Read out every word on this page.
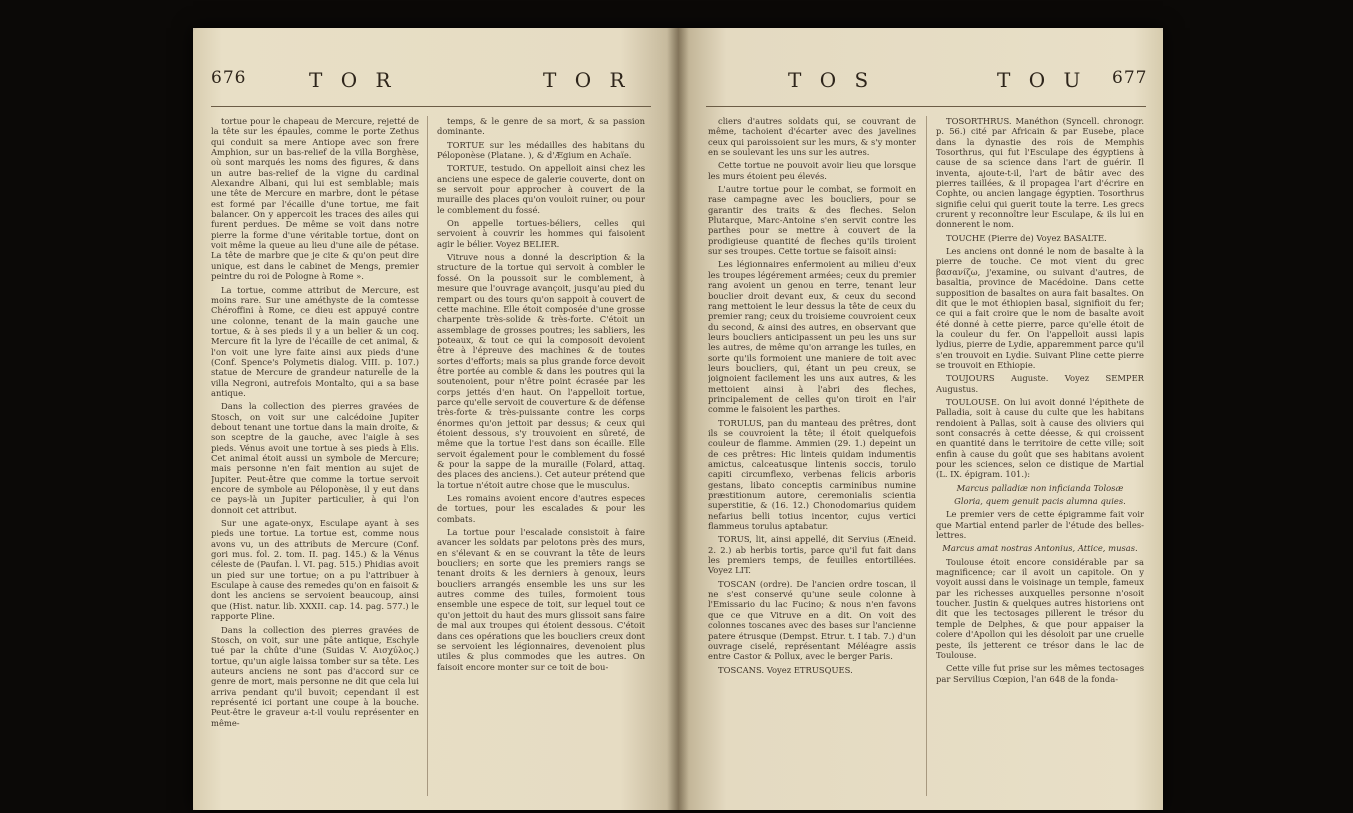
676	T O R	T O R

tortue pour le chapeau de Mercure, rejetté de la tête sur les épaules, comme le porte Zethus qui conduit sa mere Antiope avec son frere Amphion, sur un bas-relief de la villa Borghèse, où sont marqués les noms des figures, & dans un autre bas-relief de la vigne du cardinal Alexandre Albani, qui lui est semblable; mais une tête de Mercure en marbre, dont le pétase est formé par l'écaille d'une tortue, me fait balancer. On y appercoit les traces des ailes qui furent perdues. De même se voit dans notre pierre la forme d'une véritable tortue, dont on voit même la queue au lieu d'une aile de pétase. La tête de marbre que je cite & qu'on peut dire unique, est dans le cabinet de Mengs, premier peintre du roi de Pologne à Rome ».

La tortue, comme attribut de Mercure, est moins rare. Sur une améthyste de la comtesse Chéroffini à Rome, ce dieu est appuyé contre une colonne, tenant de la main gauche une tortue, & à ses pieds il y a un belier & un coq. Mercure fit la lyre de l'écaille de cet animal, & l'on voit une lyre faite ainsi aux pieds d'une (Conf. Spence's Polymetis dialog. VIII. p. 107.) statue de Mercure de grandeur naturelle de la villa Negroni, autrefois Montalto, qui a sa base antique.

Dans la collection des pierres gravées de Stosch, on voit sur une calcédoine Jupiter debout tenant une tortue dans la main droite, & son sceptre de la gauche, avec l'aigle à ses pieds. Vénus avoit une tortue à ses pieds à Elis. Cet animal étoit aussi un symbole de Mercure; mais personne n'en fait mention au sujet de Jupiter. Peut-être que comme la tortue servoit encore de symbole au Péloponèse, il y eut dans ce pays-là un Jupiter particulier, à qui l'on donnoit cet attribut.

Sur une agate-onyx, Esculape ayant à ses pieds une tortue. La tortue est, comme nous avons vu, un des attributs de Mercure (Conf. gori mus. fol. 2. tom. II. pag. 145.) & la Vénus céleste de (Paufan. l. VI. pag. 515.) Phidias avoit un pied sur une tortue; on a pu l'attribuer à Esculape à cause des remedes qu'on en faisoit & dont les anciens se servoient beaucoup, ainsi que (Hist. natur. lib. XXXII. cap. 14. pag. 577.) le rapporte Pline.

Dans la collection des pierres gravées de Stosch, on voit, sur une pâte antique, Eschyle tué par la chûte d'une (Suidas V. Αισχύλος.) tortue, qu'un aigle laissa tomber sur sa tête. Les auteurs anciens ne sont pas d'accord sur ce genre de mort, mais personne ne dit que cela lui arriva pendant qu'il buvoit; cependant il est représenté ici portant une coupe à la bouche. Peut-être le graveur a-t-il voulu représenter en même-

temps, & le genre de sa mort, & sa passion dominante.

TORTUE sur les médailles des habitans du Péloponèse (Platane. ), & d'Ægium en Achaïe.

TORTUE, testudo. On appelloit ainsi chez les anciens une espece de galerie couverte, dont on se servoit pour approcher à couvert de la muraille des places qu'on vouloit ruiner, ou pour le comblement du fossé.

On appelle tortues-béliers, celles qui servoient à couvrir les hommes qui faisoient agir le bélier. Voyez BELIER.

Vitruve nous a donné la description & la structure de la tortue qui servoit à combler le fossé. On la poussoit sur le comblement, à mesure que l'ouvrage avançoit, jusqu'au pied du rempart ou des tours qu'on sappoit à couvert de cette machine. Elle étoit composée d'une grosse charpente très-solide & très-forte. C'étoit un assemblage de grosses poutres; les sabliers, les poteaux, & tout ce qui la composoit devoient être à l'épreuve des machines & de toutes sortes d'efforts; mais sa plus grande force devoit être portée au comble & dans les poutres qui la soutenoient, pour n'être point écrasée par les corps jettés d'en haut. On l'appelloit tortue, parce qu'elle servoit de couverture & de défense très-forte & très-puissante contre les corps énormes qu'on jettoit par dessus; & ceux qui étoient dessous, s'y trouvoient en sûreté, de même que la tortue l'est dans son écaille. Elle servoit également pour le comblement du fossé & pour la sappe de la muraille (Folard, attaq. des places des anciens.). Cet auteur prétend que la tortue n'étoit autre chose que le musculus.

Les romains avoient encore d'autres especes de tortues, pour les escalades & pour les combats.

La tortue pour l'escalade consistoit à faire avancer les soldats par pelotons près des murs, en s'élevant & en se couvrant la tête de leurs boucliers; en sorte que les premiers rangs se tenant droits & les derniers à genoux, leurs boucliers arrangés ensemble les uns sur les autres comme des tuiles, formoient tous ensemble une espece de toit, sur lequel tout ce qu'on jettoit du haut des murs glissoit sans faire de mal aux troupes qui étoient dessous. C'étoit dans ces opérations que les boucliers creux dont se servoient les légionnaires, devenoient plus utiles & plus commodes que les autres. On faisoit encore monter sur ce toit de bou-

T O S	T O U 677

cliers d'autres soldats qui, se couvrant de même, tachoient d'écarter avec des javelines ceux qui paroissoient sur les murs, & s'y monter en se soulevant les uns sur les autres.

Cette tortue ne pouvoit avoir lieu que lorsque les murs étoient peu élevés.

L'autre tortue pour le combat, se formoit en rase campagne avec les boucliers, pour se garantir des traits & des fleches. Selon Plutarque, Marc-Antoine s'en servit contre les parthes pour se mettre à couvert de la prodigieuse quantité de fleches qu'ils tiroient sur ses troupes. Cette tortue se faisoit ainsi:

Les légionnaires enfermoient au milieu d'eux les troupes légérement armées; ceux du premier rang avoient un genou en terre, tenant leur bouclier droit devant eux, & ceux du second rang mettoient le leur dessus la tête de ceux du premier rang; ceux du troisieme couvroient ceux du second, & ainsi des autres, en observant que leurs boucliers anticipassent un peu les uns sur les autres, de même qu'on arrange les tuiles, en sorte qu'ils formoient une maniere de toit avec leurs boucliers, qui, étant un peu creux, se joignoient facilement les uns aux autres, & les mettoient ainsi à l'abri des fleches, principalement de celles qu'on tiroit en l'air comme le faisoient les parthes.

TORULUS, pan du manteau des prêtres, dont ils se couvroient la tête; il étoit quelquefois couleur de flamme. Ammien (29. 1.) depeint un de ces prêtres: Hic linteis quidam indumentis amictus, calceatusque lintenis soccis, torulo capiti circumflexo, verbenas felicis arboris gestans, libato conceptis carminibus numine præstitionum autore, ceremonialis scientia superstitie, & (16. 12.) Chonodomarius quidem nefarius belli totius incentor, cujus vertici flammeus torulus aptabatur.

TORUS, lit, ainsi appellé, dit Servius (Æneid. 2. 2.) ab herbis tortis, parce qu'il fut fait dans les premiers temps, de feuilles entortillées. Voyez LIT.

TOSCAN (ordre). De l'ancien ordre toscan, il ne s'est conservé qu'une seule colonne à l'Emissario du lac Fucino; & nous n'en favons que ce que Vitruve en a dit. On voit des colonnes toscanes avec des bases sur l'ancienne patere étrusque (Dempst. Etrur. t. I tab. 7.) d'un ouvrage ciselé, représentant Méléagre assis entre Castor & Pollux, avec le berger Paris.

TOSCANS. Voyez ETRUSQUES.

TOSORTHRUS. Manéthon (Syncell. chronogr. p. 56.) cité par Africain & par Eusebe, place dans la dynastie des rois de Memphis Tosorthrus, qui fut l'Esculape des égyptiens à cause de sa science dans l'art de guérir. Il inventa, ajoute-t-il, l'art de bâtir avec des pierres taillées, & il propagea l'art d'écrire en Cophte, ou ancien langage égyptien. Tosorthrus signifie celui qui guerit toute la terre. Les grecs crurent y reconnoître leur Esculape, & ils lui en donnerent le nom.

TOUCHE (Pierre de) Voyez BASALTE.

Les anciens ont donné le nom de basalte à la pierre de touche. Ce mot vient du grec βασανίζω, j'examine, ou suivant d'autres, de basaltia, province de Macédoine. Dans cette supposition de basaltes on aura fait basaltes. On dit que le mot éthiopien basal, signifioit du fer; ce qui a fait croire que le nom de basalte avoit été donné à cette pierre, parce qu'elle étoit de la couleur du fer. On l'appelloit aussi lapis lydius, pierre de Lydie, apparemment parce qu'il s'en trouvoit en Lydie. Suivant Pline cette pierre se trouvoit en Ethiopie.

TOUJOURS Auguste. Voyez SEMPER Augustus.

TOULOUSE. On lui avoit donné l'épithete de Palladia, soit à cause du culte que les habitans rendoient à Pallas, soit à cause des oliviers qui sont consacrés à cette déesse, & qui croissent en quantité dans le territoire de cette ville; soit enfin à cause du goût que ses habitans avoient pour les sciences, selon ce distique de Martial (L. IX. épigram. 101.):

Marcus palladiæ non inficianda Tolosæ

Gloria, quem genuit pacis alumna quies.

Le premier vers de cette épigramme fait voir que Martial entend parler de l'étude des belles-lettres.

Marcus amat nostras Antonius, Attice, musas.

Toulouse étoit encore considérable par sa magnificence; car il avoit un capitole. On y voyoit aussi dans le voisinage un temple, fameux par les richesses auxquelles personne n'osoit toucher. Justin & quelques autres historiens ont dit que les tectosages pillerent le trésor du temple de Delphes, & que pour appaiser la colere d'Apollon qui les désoloit par une cruelle peste, ils jetterent ce trésor dans le lac de Toulouse.

Cette ville fut prise sur les mêmes tectosages par Servilius Cœpion, l'an 648 de la fonda-
